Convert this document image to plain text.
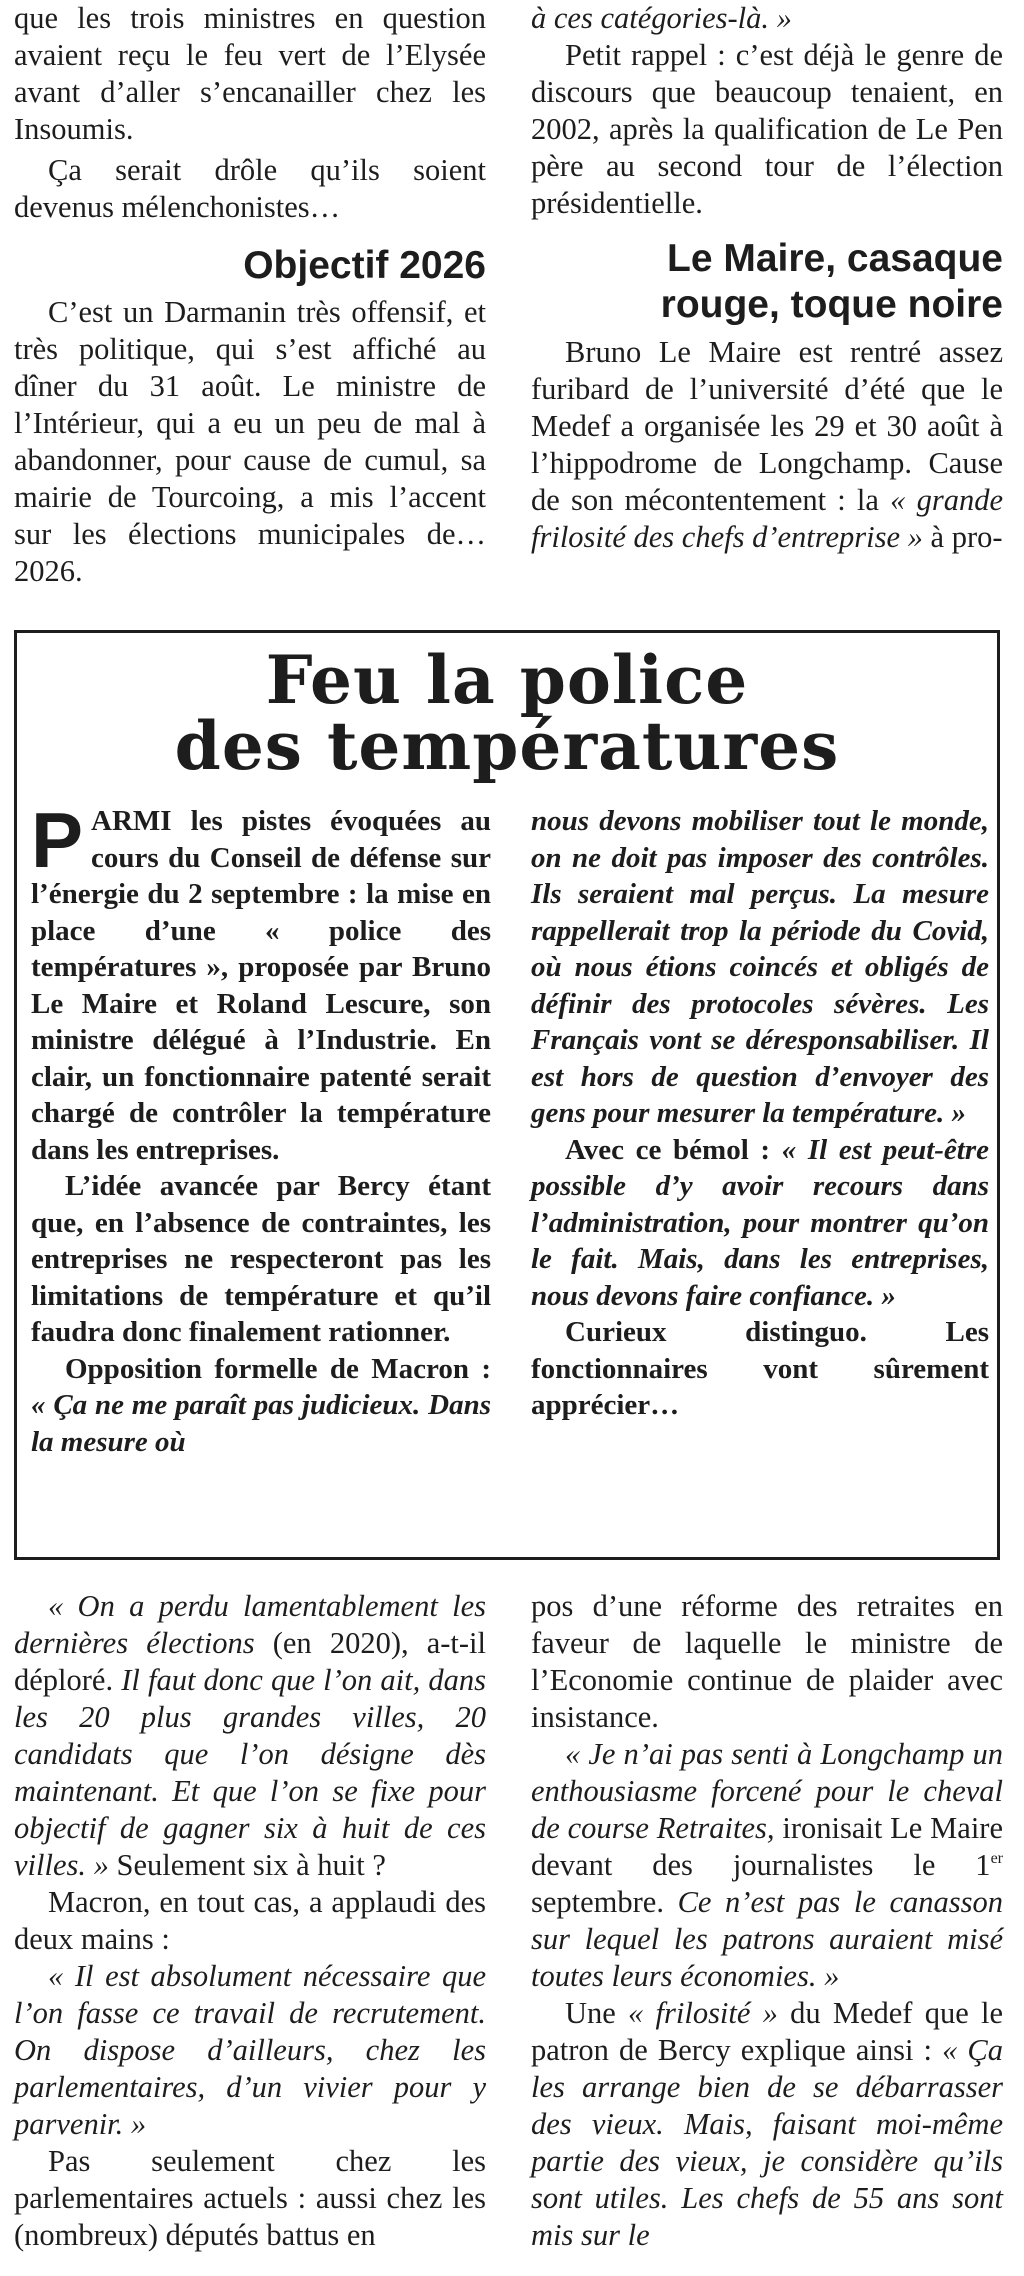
que les trois ministres en question avaient reçu le feu vert de l’Elysée avant d’aller s’encanailler chez les Insoumis.

Ça serait drôle qu’ils soient devenus mélenchonistes…

Objectif 2026

C’est un Darmanin très offensif, et très politique, qui s’est affiché au dîner du 31 août. Le ministre de l’Intérieur, qui a eu un peu de mal à abandonner, pour cause de cumul, sa mairie de Tourcoing, a mis l’accent sur les élections municipales de… 2026.

à ces catégories-là. »

Petit rappel : c’est déjà le genre de discours que beaucoup tenaient, en 2002, après la qualification de Le Pen père au second tour de l’élection présidentielle.

Le Maire, casaque
rouge, toque noire

Bruno Le Maire est rentré assez furibard de l’université d’été que le Medef a organisée les 29 et 30 août à l’hippodrome de Longchamp. Cause de son mécontentement : la « grande frilosité des chefs d’entreprise » à pro-

Feu la police
des températures

PARMI les pistes évoquées au cours du Conseil de défense sur l’énergie du 2 septembre : la mise en place d’une « police des températures », proposée par Bruno Le Maire et Roland Lescure, son ministre délégué à l’Industrie. En clair, un fonctionnaire patenté serait chargé de contrôler la température dans les entreprises.

L’idée avancée par Bercy étant que, en l’absence de contraintes, les entreprises ne respecteront pas les limitations de température et qu’il faudra donc finalement rationner.

Opposition formelle de Macron : « Ça ne me paraît pas judicieux. Dans la mesure où

nous devons mobiliser tout le monde, on ne doit pas imposer des contrôles. Ils seraient mal perçus. La mesure rappellerait trop la période du Covid, où nous étions coincés et obligés de définir des protocoles sévères. Les Français vont se déresponsabiliser. Il est hors de question d’envoyer des gens pour mesurer la température. »

Avec ce bémol : « Il est peut-être possible d’y avoir recours dans l’administration, pour montrer qu’on le fait. Mais, dans les entreprises, nous devons faire confiance. »

Curieux distinguo. Les fonctionnaires vont sûrement apprécier…

« On a perdu lamentablement les dernières élections (en 2020), a-t-il déploré. Il faut donc que l’on ait, dans les 20 plus grandes villes, 20 candidats que l’on désigne dès maintenant. Et que l’on se fixe pour objectif de gagner six à huit de ces villes. » Seulement six à huit ?

Macron, en tout cas, a applaudi des deux mains :

« Il est absolument nécessaire que l’on fasse ce travail de recrutement. On dispose d’ailleurs, chez les parlementaires, d’un vivier pour y parvenir. »

Pas seulement chez les parlementaires actuels : aussi chez les (nombreux) députés battus en

pos d’une réforme des retraites en faveur de laquelle le ministre de l’Economie continue de plaider avec insistance.

« Je n’ai pas senti à Longchamp un enthousiasme forcené pour le cheval de course Retraites, ironisait Le Maire devant des journalistes le 1er septembre. Ce n’est pas le canasson sur lequel les patrons auraient misé toutes leurs économies. »

Une « frilosité » du Medef que le patron de Bercy explique ainsi : « Ça les arrange bien de se débarrasser des vieux. Mais, faisant moi-même partie des vieux, je considère qu’ils sont utiles. Les chefs de 55 ans sont mis sur le
